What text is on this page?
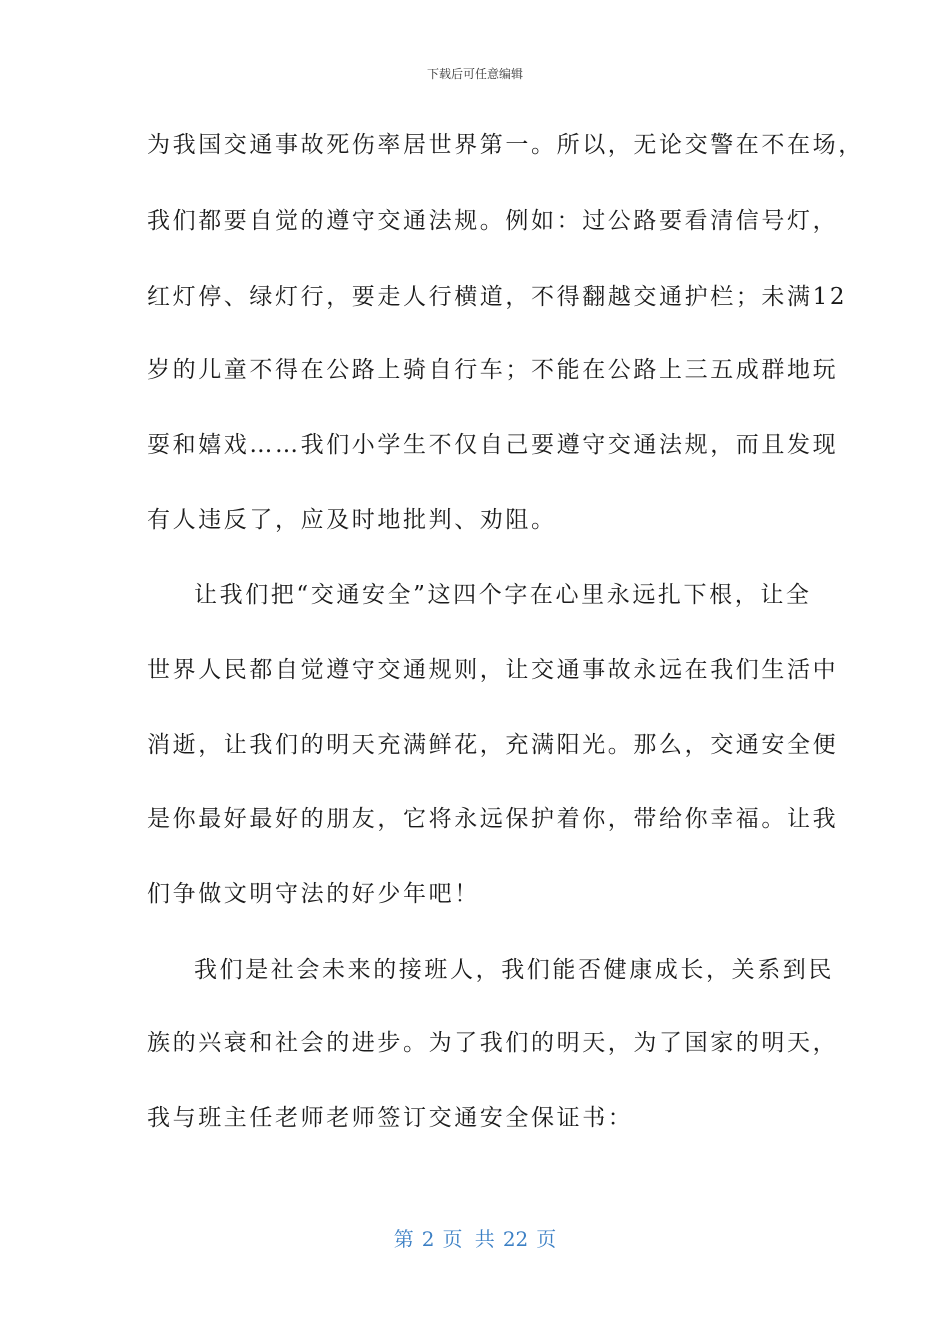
下载后可任意编辑
为我国交通事故死伤率居世界第一。所以，无论交警在不在场，
我们都要自觉的遵守交通法规。例如：过公路要看清信号灯，
红灯停、绿灯行，要走人行横道，不得翻越交通护栏；未满12
岁的儿童不得在公路上骑自行车；不能在公路上三五成群地玩
耍和嬉戏……我们小学生不仅自己要遵守交通法规，而且发现
有人违反了，应及时地批判、劝阻。
让我们把“交通安全”这四个字在心里永远扎下根，让全
世界人民都自觉遵守交通规则，让交通事故永远在我们生活中
消逝，让我们的明天充满鲜花，充满阳光。那么，交通安全便
是你最好最好的朋友，它将永远保护着你，带给你幸福。让我
们争做文明守法的好少年吧！
我们是社会未来的接班人，我们能否健康成长，关系到民
族的兴衰和社会的进步。为了我们的明天，为了国家的明天，
我与班主任老师老师签订交通安全保证书：
第 2 页 共 22 页
